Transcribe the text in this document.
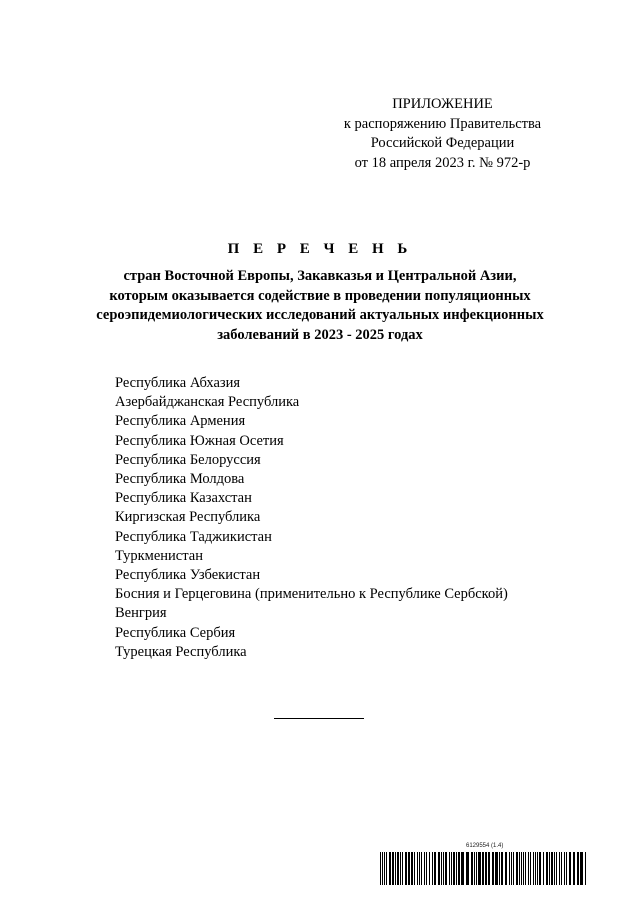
ПРИЛОЖЕНИЕ
к распоряжению Правительства
Российской Федерации
от 18 апреля 2023 г. № 972-р
П Е Р Е Ч Е Н Ь
стран Восточной Европы, Закавказья и Центральной Азии,
которым оказывается содействие в проведении популяционных
сероэпидемиологических исследований актуальных инфекционных
заболеваний в 2023 - 2025 годах
Республика Абхазия
Азербайджанская Республика
Республика Армения
Республика Южная Осетия
Республика Белоруссия
Республика Молдова
Республика Казахстан
Киргизская Республика
Республика Таджикистан
Туркменистан
Республика Узбекистан
Босния и Герцеговина (применительно к Республике Сербской)
Венгрия
Республика Сербия
Турецкая Республика
6129554 (1.4)
